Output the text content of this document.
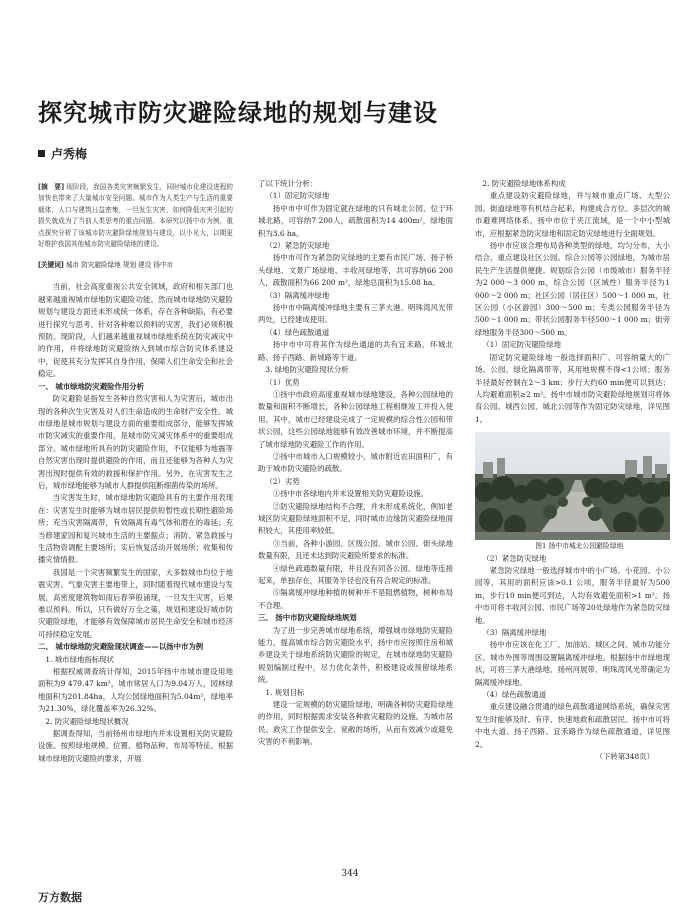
探究城市防灾避险绿地的规划与建设
卢秀梅
[摘　要] 现阶段，我国各类灾害频繁发生，同时城市化建设进程的加快也带来了大量城市安全问题。城市作为人类生产与生活的重要载体，人口与建筑日益密集，一旦发生灾害，如何降低灾害引起的损失就成为了当前人类思考的重点问题。本研究以扬中市为例，重点探究分析了该城市防灾避险绿地规划与建设，以小见大，以期更好维护我国其他城市防灾避险绿地的建设。
[关键词] 城市 防灾避险绿地 规划 建设 扬中市

当前，社会高度重视公共安全领域，政府和相关部门也越来越重视城市绿地防灾避险功能。然而城市绿地防灾避险规划与建设方面还未形成统一体系，存在各种缺陷，有必要进行探究与思考。针对各种难以预料的灾害，我们必须积极预防。现阶段，人们越来越重视城市绿地系统在防灾减灾中的作用，并将绿地防灾避险纳入到城市综合防灾体系建设中，促使其充分发挥其自身作用，保障人们生命安全和社会稳定。

一、 城市绿地防灾避险作用分析

防灾避险是指发生各种自然灾害和人为灾害后，城市出现的各种次生灾害及对人们生命造成的生命财产安全性。城市绿地是城市规划与建设方面的重要组成部分，能够发挥城市防灾减灾的重要作用，是城市防灾减灾体系中的重要组成部分。城市绿地所具有的防灾避险作用，不仅能够为地震等自然灾害出现时提供避险的作用，而且还能够为各种人为灾害出现时提供有效的救援和保护作用。另外，在灾害发生之后，城市绿地能够为城市人群提供阻断细菌传染的场所。

当灾害发生时，城市绿地防灾避险具有的主要作用表现在：灾害发生时能够为城市居民提供短暂性或长期性避险场所；充当灾害隔离带，有效隔离有毒气体和潜在的毒延；充当修建家园和复兴城市生活的主要据点；消防、紧急救援与生活物资调配主要场所；实后恢复活动开展场所；收集和传播灾情情报。

我国是一个灾害频繁发生的国家，大多数城市均位于地震灾害、气象灾害主要地带上，同时随着现代城市建设与发展，高密度建筑物如雨后春笋般涌现，一旦发生灾害，后果难以预料。所以，只有做好万全之策，规划和建设好城市防灾避险绿地，才能够有效保障城市居民生命安全和城市经济可持续稳定发展。

二、 城市绿地防灾避险现状调查——以扬中市为例
1. 城市绿地指标现状

根据权威调查统计得知，2015年扬中市城市建设用地面积为9 479.47 km²，城市常居人口为9.04万人，园林绿地面积为201.84ha，人均公园绿地面积为5.04m²，绿地率为21.30%，绿化覆盖率为26.32%。

2. 防灾避险绿地现状概况

据调查得知，当前扬州市绿地内并未设置相关防灾避险设施。按照绿地规模、位置、植物品种、布局等特征，根据城市绿地防灾避险的要求，开展

了以下统计分析：

（1）固定防灾绿地

扬中市中可作为固定就在绿地的只有城北公园，位于环城北路，可容纳7 200人，疏散面积为14 400m²，绿地面积为3.6 ha。

（2）紧急防灾绿地

扬中市可作为紧急防灾绿地的主要有市民广场、扬子桥头绿地、文景广场绿地、丰收河绿地等，共可容纳66 200人，疏散面积为66 200 m²，绿地总面积为15.08 ha。

（3）隔离缓冲绿地

扬中市中隔离缓冲绿地主要有三茅大港、明珠湾风光带两处，已经建成使用。

（4）绿色疏散通道

扬中市中可将其作为绿色通道的共有宜禾路、环城北路、扬子西路、新城路等干道。

3. 绿地防灾避险现状分析
（1）优势

①扬中市政府高度重视城市绿地建设，各种公园绿地的数量和面积不断增长，各种公园绿地工程相继竣工并投入使用。其中，城市已经建设完成了一定规模的综合性公园和带状公园，这些公园绿地能够有效改善城市环境，并不断提高了城市绿地防灾避险工作的作用。

②扬中市城市入口规模较小，城市附近农田面积广，有助于城市防灾避险的疏散。

（2）劣势

①扬中市各绿地内并未设置相关防灾避险设施。

②防灾避险绿地结构不合理，并未形成系统化，例如老城区防灾避险绿地面积不足，同时城市边缘防灾避险绿地面积较大，其使用率较低。

③当前，各种小游园、区级公园、城市公园、街头绿地数量有限，且还未达到防灾避险所要求的标准。

④绿色疏通数量有限，并且没有同各公园、绿地等连接起来，单独存在，其服务半径也没有符合规定的标准。

⑤隔离缓冲绿地种植的树种并不是阻燃植物，树种布局不合理。

三、 扬中市防灾避险绿地规划

为了进一步完善城市绿地系统，增强城市绿地防灾避险能力，提高城市综合防灾避险水平，扬中市应按照住房和城乡建设关于绿地系统防灾避险的规定，在城市绿地防灾避险规划编制过程中，尽力优化条件，积极建设或预留绿地系统。

1. 规划目标

建设一定规模的防灾避险绿地，明确各种防灾避险绿地的作用，同时根据需求安装各种救灾避险的设施。为城市居民、救灾工作提供安全、宽敞的场所，从而有效减少或避免灾害的不利影响。

2. 防灾避险绿地体系构成

重点建设防灾避险绿地，并与城市重点广场、大型公园、街道绿地等有机结合起来，构建成合方位、多层次的城市避难网络体系。扬中市位于夹江流域，是一个中小型城市，应根据紧急防灾绿地和固定防灾绿地进行全面规划。

扬中市应该合理布局各种类型的绿地，均匀分布，大小结合，重点建设社区公园。综合公园等公园绿地，为城市居民生产生活提供便捷。规划综合公园（市级城市）服务半径为2 000～3 000 m，综合公园（区域性）服务半径为1 000～2 000 m；社区公园（居住区）500～1 000 m，社区公园（小区游园）300～500 m；专类公园服务半径为500～1 000 m；带状公园服务半径500～1 000 m；街旁绿地服务半径300～500 m。

（1）固定防灾避险绿地

固定防灾避险绿地一般选择面积广、可容纳量大的广场、公园、绿化隔离带等，其用地规模不得<1公顷；服务半径最好控制在2～3 km；步行大约60 min便可以到达；人均避难面积≥2 m²。扬中市城市防灾避险绿地规划可将体育公园、城西公园、城北公园等作为固定防灾绿地，详见图1。

图1 扬中市城北公园避险绿地

（2）紧急防灾绿地

紧急防灾绿地一般选择城市中的小广场、小花园、小公园等，其用的面积应该>0.1 公顷，服务半径最好为500 m，步行10 min便可到达，人均有效避免面积>1 m²。扬中市可将丰收河公园、市民广场等20处绿地作为紧急防灾绿地。

（3）隔离缓冲绿地

扬中市应该在化工厂、加油站、城区之间、城市功能分区、城市外围等周围设置隔离缓冲绿地。根据扬中市绿地现状，可将三茅大港绿地、扬州河展带、明珠湾风光带确定为隔离缓冲绿地。

（4）绿色疏散通道

重点建设融合贯通的绿色疏散通道网络系统，确保灾害发生时能够及时、有序、快速地救和疏散居民。扬中市可将中电大道、扬子西路、宜禾路作为绿色疏散通道，详见图2。

（下转第348页）

344
万方数据
